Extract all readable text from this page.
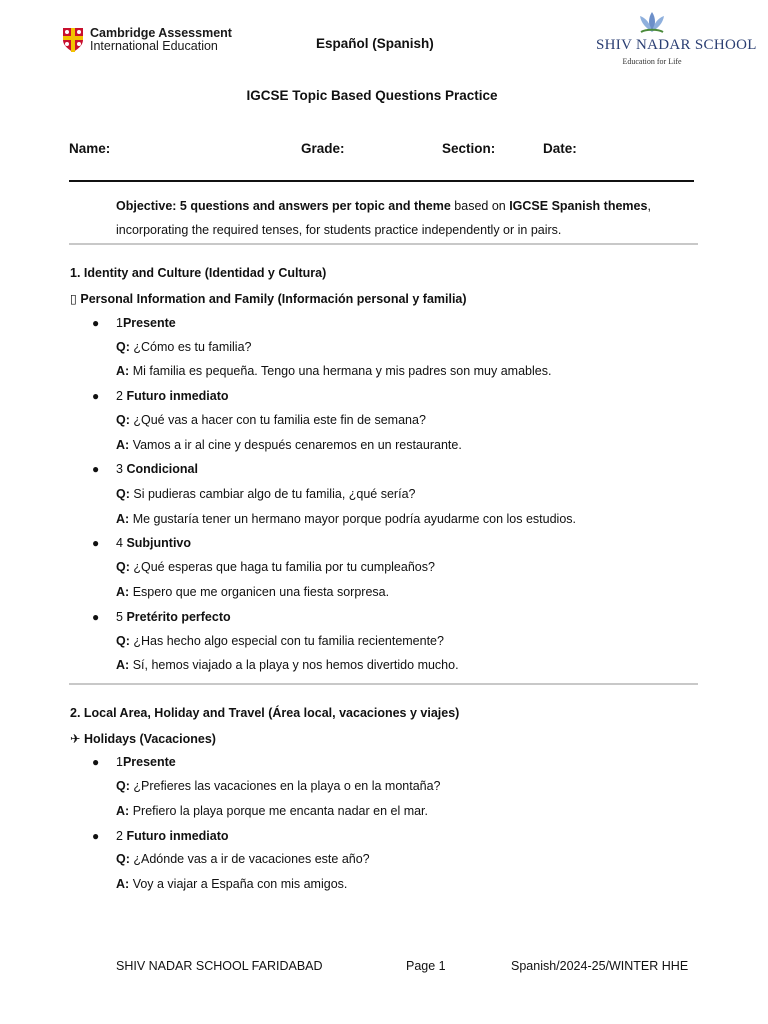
Cambridge Assessment
International Education	Español (Spanish)	SHIV NADAR SCHOOL
Education for Life
IGCSE Topic Based Questions Practice
Name:	Grade:	Section:	Date:
Objective: 5 questions and answers per topic and theme based on IGCSE Spanish themes,
incorporating the required tenses, for students practice independently or in pairs.
1. Identity and Culture (Identidad y Cultura)
▯ Personal Information and Family (Información personal y familia)
● 1Presente
Q: ¿Cómo es tu familia?
A: Mi familia es pequeña. Tengo una hermana y mis padres son muy amables.
● 2 Futuro inmediato
Q: ¿Qué vas a hacer con tu familia este fin de semana?
A: Vamos a ir al cine y después cenaremos en un restaurante.
● 3 Condicional
Q: Si pudieras cambiar algo de tu familia, ¿qué sería?
A: Me gustaría tener un hermano mayor porque podría ayudarme con los estudios.
● 4 Subjuntivo
Q: ¿Qué esperas que haga tu familia por tu cumpleaños?
A: Espero que me organicen una fiesta sorpresa.
● 5 Pretérito perfecto
Q: ¿Has hecho algo especial con tu familia recientemente?
A: Sí, hemos viajado a la playa y nos hemos divertido mucho.
2. Local Area, Holiday and Travel (Área local, vacaciones y viajes)
✈ Holidays (Vacaciones)
● 1Presente
Q: ¿Prefieres las vacaciones en la playa o en la montaña?
A: Prefiero la playa porque me encanta nadar en el mar.
● 2 Futuro inmediato
Q: ¿Adónde vas a ir de vacaciones este año?
A: Voy a viajar a España con mis amigos.
SHIV NADAR SCHOOL FARIDABAD	Page 1	Spanish/2024-25/WINTER HHE
